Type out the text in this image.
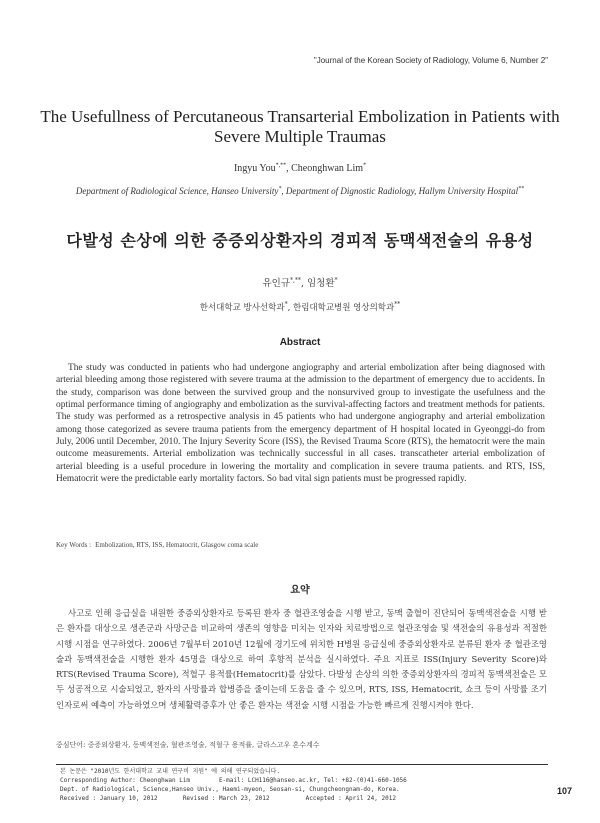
"Journal of the Korean Society of Radiology, Volume 6, Number 2"
The Usefullness of Percutaneous Transarterial Embolization in Patients with Severe Multiple Traumas
Ingyu You*,**, Cheonghwan Lim*
Department of Radiological Science, Hanseo University*, Department of Dignostic Radiology, Hallym University Hospital**
다발성 손상에 의한 중증외상환자의 경피적 동맥색전술의 유용성
유인규*,**, 임청환*
한서대학교 방사선학과*, 한림대학교병원 영상의학과**
Abstract

The study was conducted in patients who had undergone angiography and arterial embolization after being diagnosed with arterial bleeding among those registered with severe trauma at the admission to the department of emergency due to accidents. In the study, comparison was done between the survived group and the nonsurvived group to investigate the usefulness and the optimal performance timing of angiography and embolization as the survival-affecting factors and treatment methods for patients. The study was performed as a retrospective analysis in 45 patients who had undergone angiography and arterial embolization among those categorized as severe trauma patients from the emergency department of H hospital located in Gyeonggi-do from July, 2006 until December, 2010. The Injury Severity Score (ISS), the Revised Trauma Score (RTS), the hematocrit were the main outcome measurements. Arterial embolization was technically successful in all cases. transcatheter arterial embolization of arterial bleeding is a useful procedure in lowering the mortality and complication in severe trauma patients. and RTS, ISS, Hematocrit were the predictable early mortality factors. So bad vital sign patients must be progressed rapidly.

Key Words : Embolization, RTS, ISS, Hematocrit, Glasgow coma scale
요약

사고로 인해 응급실을 내원한 중증외상환자로 등록된 환자 중 혈관조영술을 시행 받고, 동맥 출혈이 진단되어 동맥색전술을 시행 받은 환자를 대상으로 생존군과 사망군을 비교하여 생존의 영향을 미치는 인자와 치료방법으로 혈관조영술 및 색전술의 유용성과 적절한 시행 시점을 연구하였다. 2006년 7월부터 2010년 12월에 경기도에 위치한 H병원 응급실에 중증외상환자로 분류된 환자 중 혈관조영술과 동맥색전술을 시행한 환자 45명을 대상으로 하여 후향적 분석을 실시하였다. 주요 지표로 ISS(Injury Severity Score)와 RTS(Revised Trauma Score), 적혈구 용적률(Hematocrit)를 삼았다. 다발성 손상의 의한 중증외상환자의 경피적 동맥색전술은 모두 성공적으로 시술되었고, 환자의 사망률과 합병증을 줄이는데 도움을 줄 수 있으며, RTS, ISS, Hematocrit, 쇼크 등이 사망률 조기 인자로써 예측이 가능하였으며 생체활력증후가 안 좋은 환자는 색전술 시행 시점을 가능한 빠르게 진행시켜야 한다.

중심단어: 중증외상환자, 동맥색전술, 혈관조영술, 적혈구 용적률, 글라스고우 혼수계수
본 논문은 "2010년도 한서대학교 교내 연구비 지원" 에 의해 연구되었습니다.
Corresponding Author: Cheonghwan Lim        E-mail: LCH116@hanseo.ac.kr, Tel: +82-(0)41-660-1056
Dept. of Radiological, Science,Hanseo Univ., Haemi-myeon, Seosan-si, Chungcheongnam-do, Korea.
Received : January 10, 2012       Revised : March 23, 2012          Accepted : April 24, 2012
107
